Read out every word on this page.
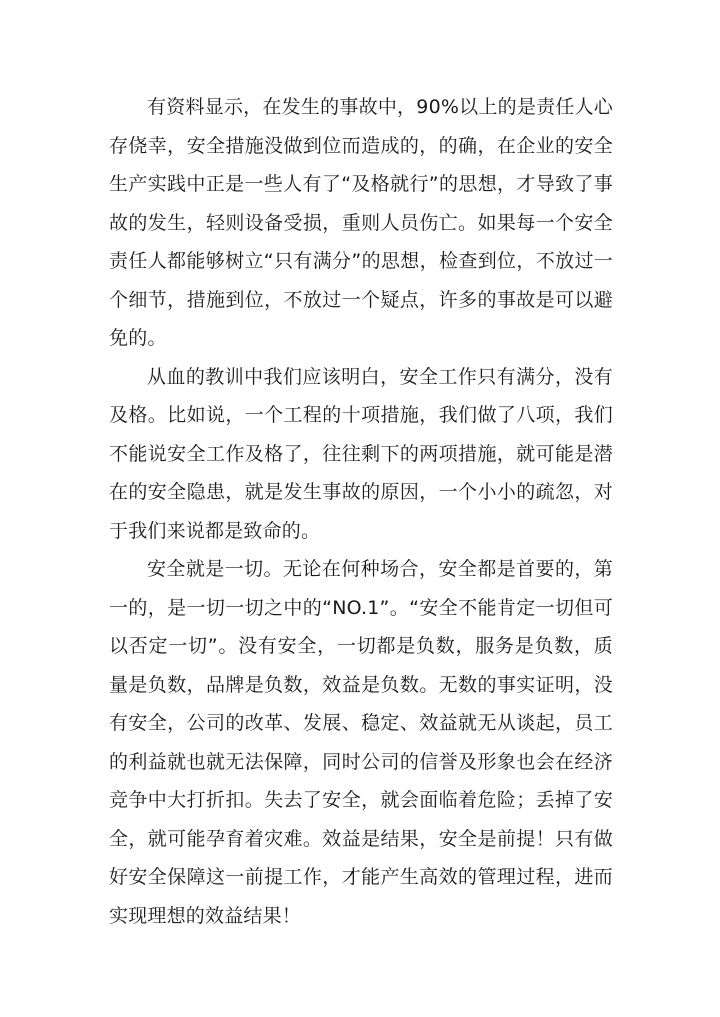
有资料显示，在发生的事故中，90%以上的是责任人心存侥幸，安全措施没做到位而造成的，的确，在企业的安全生产实践中正是一些人有了“及格就行”的思想，才导致了事故的发生，轻则设备受损，重则人员伤亡。如果每一个安全责任人都能够树立“只有满分”的思想，检查到位，不放过一个细节，措施到位，不放过一个疑点，许多的事故是可以避免的。

从血的教训中我们应该明白，安全工作只有满分，没有及格。比如说，一个工程的十项措施，我们做了八项，我们不能说安全工作及格了，往往剩下的两项措施，就可能是潜在的安全隐患，就是发生事故的原因，一个小小的疏忽，对于我们来说都是致命的。

安全就是一切。无论在何种场合，安全都是首要的，第一的，是一切一切之中的“NO.1”。“安全不能肯定一切但可以否定一切”。没有安全，一切都是负数，服务是负数，质量是负数，品牌是负数，效益是负数。无数的事实证明，没有安全，公司的改革、发展、稳定、效益就无从谈起，员工的利益就也就无法保障，同时公司的信誉及形象也会在经济竞争中大打折扣。失去了安全，就会面临着危险；丢掉了安全，就可能孕育着灾难。效益是结果，安全是前提！只有做好安全保障这一前提工作，才能产生高效的管理过程，进而实现理想的效益结果！
